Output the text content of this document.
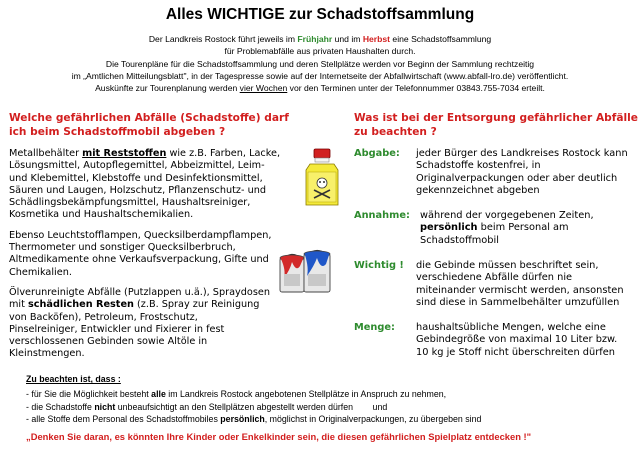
Alles WICHTIGE zur Schadstoffsammlung
Der Landkreis Rostock führt jeweils im Frühjahr und im Herbst eine Schadstoffsammlung
für Problemabfälle aus privaten Haushalten durch.
Die Tourenpläne für die Schadstoffsammlung und deren Stellplätze werden vor Beginn der Sammlung rechtzeitig
im „Amtlichen Mitteilungsblatt", in der Tagespresse sowie auf der Internetseite der Abfallwirtschaft (www.abfall-lro.de) veröffentlicht.
Auskünfte zur Tourenplanung werden vier Wochen vor den Terminen unter der Telefonnummer 03843.755-7034 erteilt.
Welche gefährlichen Abfälle (Schadstoffe) darf
ich beim Schadstoffmobil abgeben ?

Metallbehälter mit Reststoffen wie z.B. Farben, Lacke,
Lösungsmittel, Autopflegemittel, Abbeizmittel, Leim-
und Klebemittel, Klebstoffe und Desinfektionsmittel,
Säuren und Laugen, Holzschutz, Pflanzenschutz- und
Schädlingsbekämpfungsmittel, Haushaltsreiniger,
Kosmetika und Haushaltschemikalien.

Ebenso Leuchtstofflampen, Quecksilberdampflampen,
Thermometer und sonstiger Quecksilberbruch,
Altmedikamente ohne Verkaufsverpackung, Gifte und
Chemikalien.

Ölverunreinigte Abfälle (Putzlappen u.ä.), Spraydosen
mit schädlichen Resten (z.B. Spray zur Reinigung
von Backöfen), Petroleum, Frostschutz,
Pinselreiniger, Entwickler und Fixierer in fest
verschlossenen Gebinden sowie Altöle in
Kleinstmengen.

Was ist bei der Entsorgung gefährlicher Abfälle
zu beachten ?
Abgabe: jeder Bürger des Landkreises Rostock kann
Schadstoffe kostenfrei, in
Originalverpackungen oder aber deutlich
gekennzeichnet abgeben
Annahme: während der vorgegebenen Zeiten,
persönlich beim Personal am
Schadstoffmobil
Wichtig ! die Gebinde müssen beschriftet sein,
verschiedene Abfälle dürfen nie
miteinander vermischt werden, ansonsten
sind diese in Sammelbehälter umzufüllen
Menge: haushaltsübliche Mengen, welche eine
Gebindegröße von maximal 10 Liter bzw.
10 kg je Stoff nicht überschreiten dürfen
Zu beachten ist, dass :
- für Sie die Möglichkeit besteht alle im Landkreis Rostock angebotenen Stellplätze in Anspruch zu nehmen,
- die Schadstoffe nicht unbeaufsichtigt an den Stellplätzen abgestellt werden dürfen        und
- alle Stoffe dem Personal des Schadstoffmobiles persönlich, möglichst in Originalverpackungen, zu übergeben sind
„Denken Sie daran, es könnten Ihre Kinder oder Enkelkinder sein, die diesen gefährlichen Spielplatz entdecken !"
